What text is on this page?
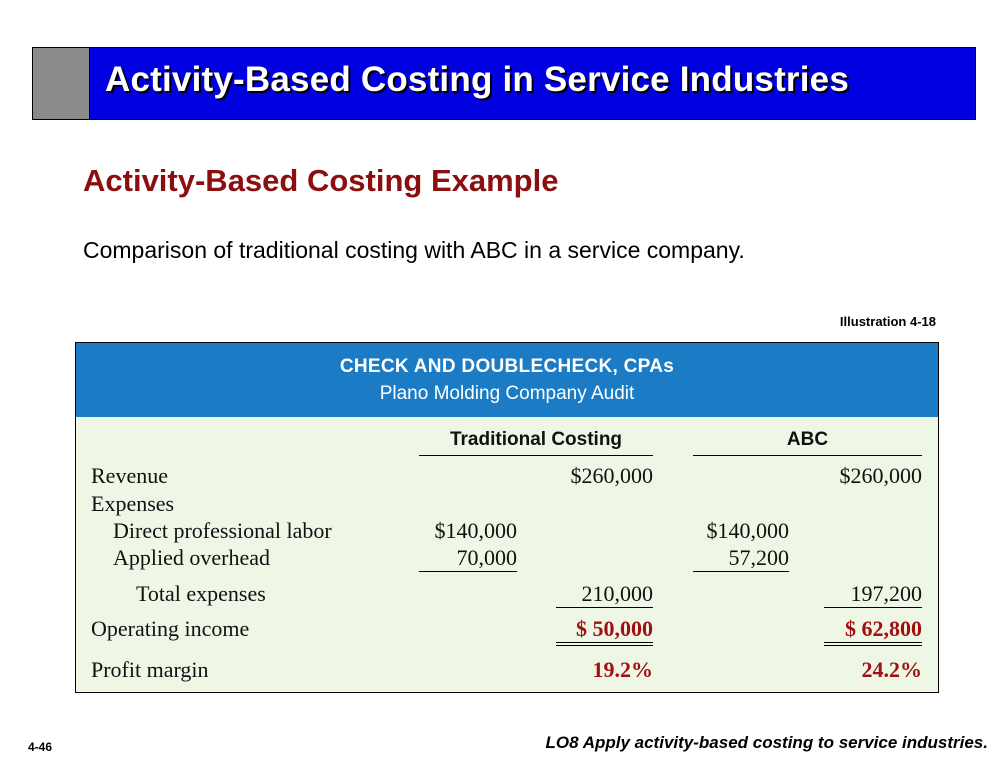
Activity-Based Costing in Service Industries
Activity-Based Costing Example
Comparison of traditional costing with ABC in a service company.
Illustration 4-18
CHECK AND DOUBLECHECK, CPAs
Plano Molding Company Audit
Traditional Costing	ABC
Revenue	$260,000	$260,000
Expenses
Direct professional labor	$140,000	$140,000
Applied overhead	70,000	57,200
Total expenses	210,000	197,200
Operating income	$ 50,000	$ 62,800
Profit margin	19.2%	24.2%
4-46	LO8 Apply activity-based costing to service industries.
